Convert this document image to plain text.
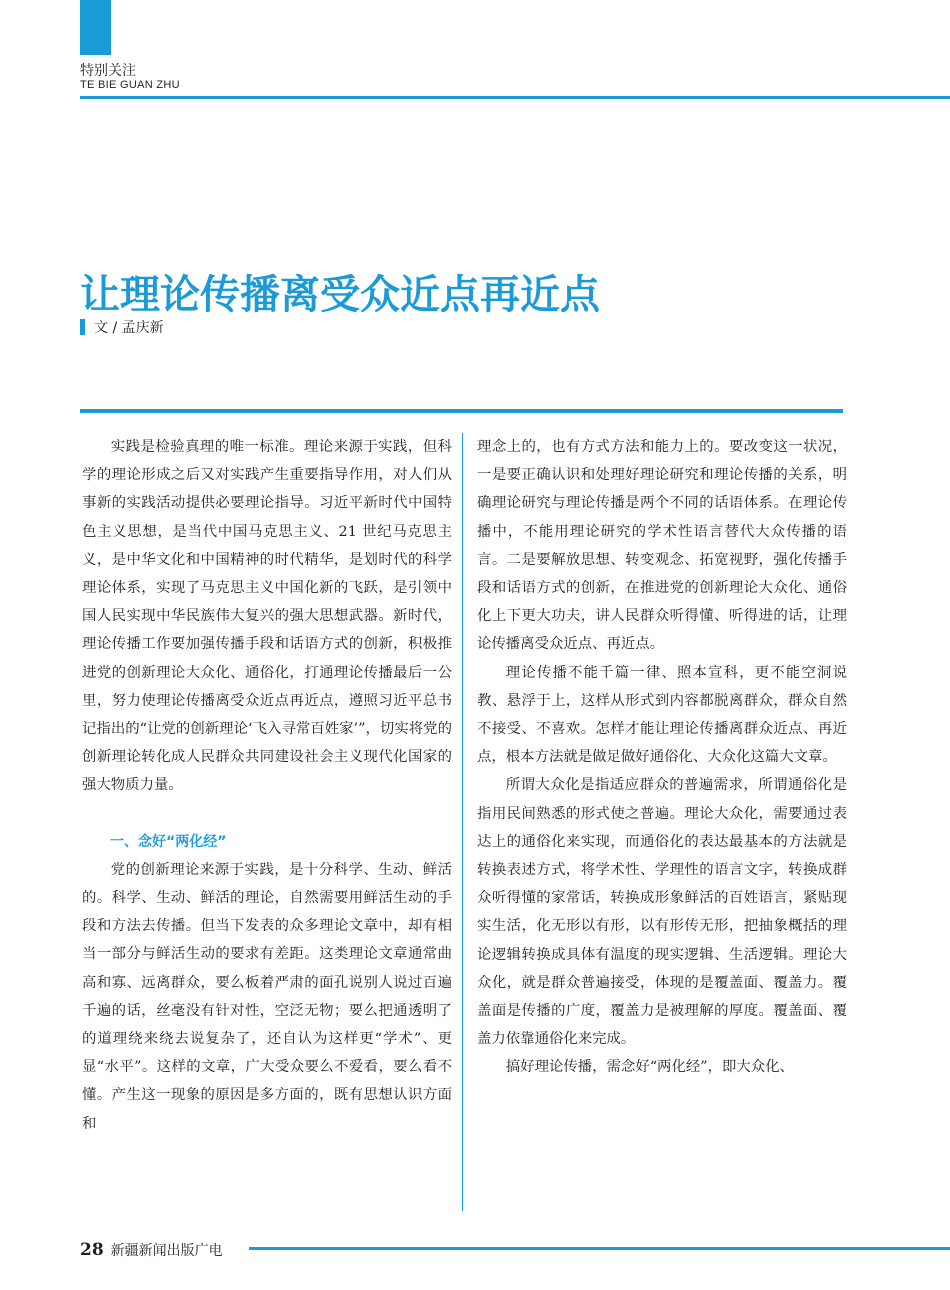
特别关注
TE BIE GUAN ZHU
让理论传播离受众近点再近点
文 / 孟庆新

实践是检验真理的唯一标准。理论来源于实践，但科学的理论形成之后又对实践产生重要指导作用，对人们从事新的实践活动提供必要理论指导。习近平新时代中国特色主义思想，是当代中国马克思主义、21 世纪马克思主义，是中华文化和中国精神的时代精华，是划时代的科学理论体系，实现了马克思主义中国化新的飞跃，是引领中国人民实现中华民族伟大复兴的强大思想武器。新时代，理论传播工作要加强传播手段和话语方式的创新，积极推进党的创新理论大众化、通俗化，打通理论传播最后一公里，努力使理论传播离受众近点再近点，遵照习近平总书记指出的“让党的创新理论‘飞入寻常百姓家’”，切实将党的创新理论转化成人民群众共同建设社会主义现代化国家的强大物质力量。

一、念好“两化经”

党的创新理论来源于实践，是十分科学、生动、鲜活的。科学、生动、鲜活的理论，自然需要用鲜活生动的手段和方法去传播。但当下发表的众多理论文章中，却有相当一部分与鲜活生动的要求有差距。这类理论文章通常曲高和寡、远离群众，要么板着严肃的面孔说别人说过百遍千遍的话，丝毫没有针对性，空泛无物；要么把通透明了的道理绕来绕去说复杂了，还自认为这样更“学术”、更显“水平”。这样的文章，广大受众要么不爱看，要么看不懂。产生这一现象的原因是多方面的，既有思想认识方面和

理念上的，也有方式方法和能力上的。要改变这一状况，一是要正确认识和处理好理论研究和理论传播的关系，明确理论研究与理论传播是两个不同的话语体系。在理论传播中，不能用理论研究的学术性语言替代大众传播的语言。二是要解放思想、转变观念、拓宽视野，强化传播手段和话语方式的创新，在推进党的创新理论大众化、通俗化上下更大功夫，讲人民群众听得懂、听得进的话，让理论传播离受众近点、再近点。

理论传播不能千篇一律、照本宣科，更不能空洞说教、悬浮于上，这样从形式到内容都脱离群众，群众自然不接受、不喜欢。怎样才能让理论传播离群众近点、再近点，根本方法就是做足做好通俗化、大众化这篇大文章。

所谓大众化是指适应群众的普遍需求，所谓通俗化是指用民间熟悉的形式使之普遍。理论大众化，需要通过表达上的通俗化来实现，而通俗化的表达最基本的方法就是转换表述方式，将学术性、学理性的语言文字，转换成群众听得懂的家常话，转换成形象鲜活的百姓语言，紧贴现实生活，化无形以有形，以有形传无形，把抽象概括的理论逻辑转换成具体有温度的现实逻辑、生活逻辑。理论大众化，就是群众普遍接受，体现的是覆盖面、覆盖力。覆盖面是传播的广度，覆盖力是被理解的厚度。覆盖面、覆盖力依靠通俗化来完成。

搞好理论传播，需念好“两化经”，即大众化、

28 新疆新闻出版广电
